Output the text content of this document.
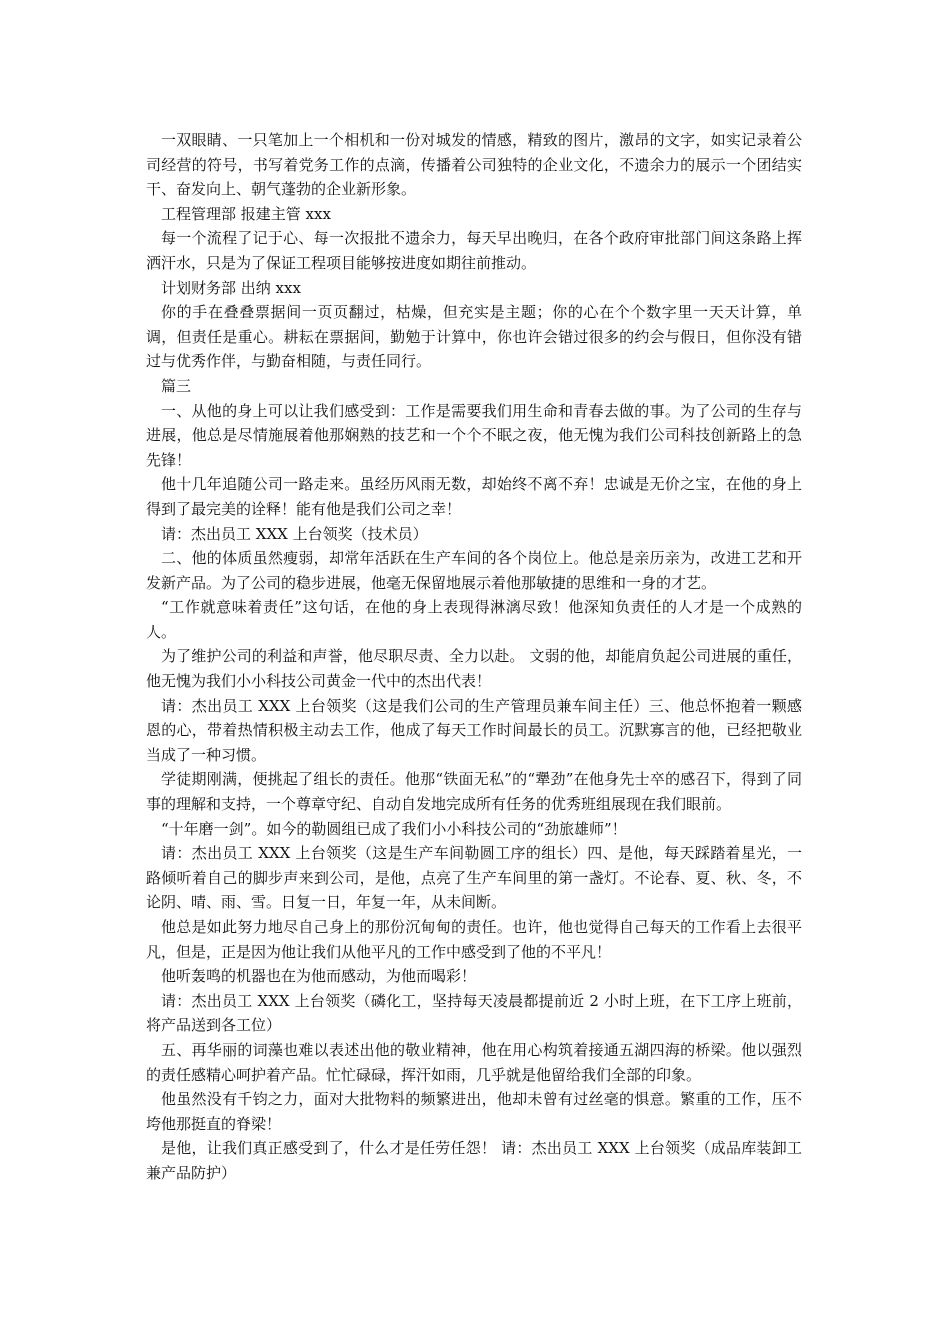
一双眼睛、一只笔加上一个相机和一份对城发的情感，精致的图片，激昂的文字，如实记录着公司经营的符号，书写着党务工作的点滴，传播着公司独特的企业文化，不遗余力的展示一个团结实干、奋发向上、朝气蓬勃的企业新形象。

工程管理部 报建主管 xxx

每一个流程了记于心、每一次报批不遗余力，每天早出晚归，在各个政府审批部门间这条路上挥洒汗水，只是为了保证工程项目能够按进度如期往前推动。

计划财务部 出纳 xxx

你的手在叠叠票据间一页页翻过，枯燥，但充实是主题；你的心在个个数字里一天天计算，单调，但责任是重心。耕耘在票据间，勤勉于计算中，你也许会错过很多的约会与假日，但你没有错过与优秀作伴，与勤奋相随，与责任同行。

篇三

一、从他的身上可以让我们感受到：工作是需要我们用生命和青春去做的事。为了公司的生存与进展，他总是尽情施展着他那娴熟的技艺和一个个不眠之夜，他无愧为我们公司科技创新路上的急先锋！

他十几年追随公司一路走来。虽经历风雨无数，却始终不离不弃！忠诚是无价之宝，在他的身上得到了最完美的诠释！能有他是我们公司之幸！

请：杰出员工 XXX 上台领奖（技术员）

二、他的体质虽然瘦弱，却常年活跃在生产车间的各个岗位上。他总是亲历亲为，改进工艺和开发新产品。为了公司的稳步进展，他毫无保留地展示着他那敏捷的思维和一身的才艺。

“工作就意味着责任”这句话，在他的身上表现得淋漓尽致！他深知负责任的人才是一个成熟的人。

为了维护公司的利益和声誉，他尽职尽责、全力以赴。 文弱的他，却能肩负起公司进展的重任，他无愧为我们小小科技公司黄金一代中的杰出代表！

请：杰出员工 XXX 上台领奖（这是我们公司的生产管理员兼车间主任）三、他总怀抱着一颗感恩的心，带着热情积极主动去工作，他成了每天工作时间最长的员工。沉默寡言的他，已经把敬业当成了一种习惯。

学徒期刚满，便挑起了组长的责任。他那“铁面无私”的“犟劲”在他身先士卒的感召下，得到了同事的理解和支持，一个尊章守纪、自动自发地完成所有任务的优秀班组展现在我们眼前。

“十年磨一剑”。如今的勒圆组已成了我们小小科技公司的“劲旅雄师”！

请：杰出员工 XXX 上台领奖（这是生产车间勒圆工序的组长）四、是他，每天踩踏着星光，一路倾听着自己的脚步声来到公司，是他，点亮了生产车间里的第一盏灯。不论春、夏、秋、冬，不论阴、晴、雨、雪。日复一日，年复一年，从未间断。

他总是如此努力地尽自己身上的那份沉甸甸的责任。也许，他也觉得自己每天的工作看上去很平凡，但是，正是因为他让我们从他平凡的工作中感受到了他的不平凡！

他听轰鸣的机器也在为他而感动，为他而喝彩！

请：杰出员工 XXX 上台领奖（磷化工，坚持每天凌晨都提前近 2 小时上班，在下工序上班前，将产品送到各工位）

五、再华丽的词藻也难以表述出他的敬业精神，他在用心构筑着接通五湖四海的桥梁。他以强烈的责任感精心呵护着产品。忙忙碌碌，挥汗如雨，几乎就是他留给我们全部的印象。

他虽然没有千钧之力，面对大批物料的频繁进出，他却未曾有过丝毫的惧意。繁重的工作，压不垮他那挺直的脊梁！

是他，让我们真正感受到了，什么才是任劳任怨！ 请：杰出员工 XXX 上台领奖（成品库装卸工兼产品防护）
